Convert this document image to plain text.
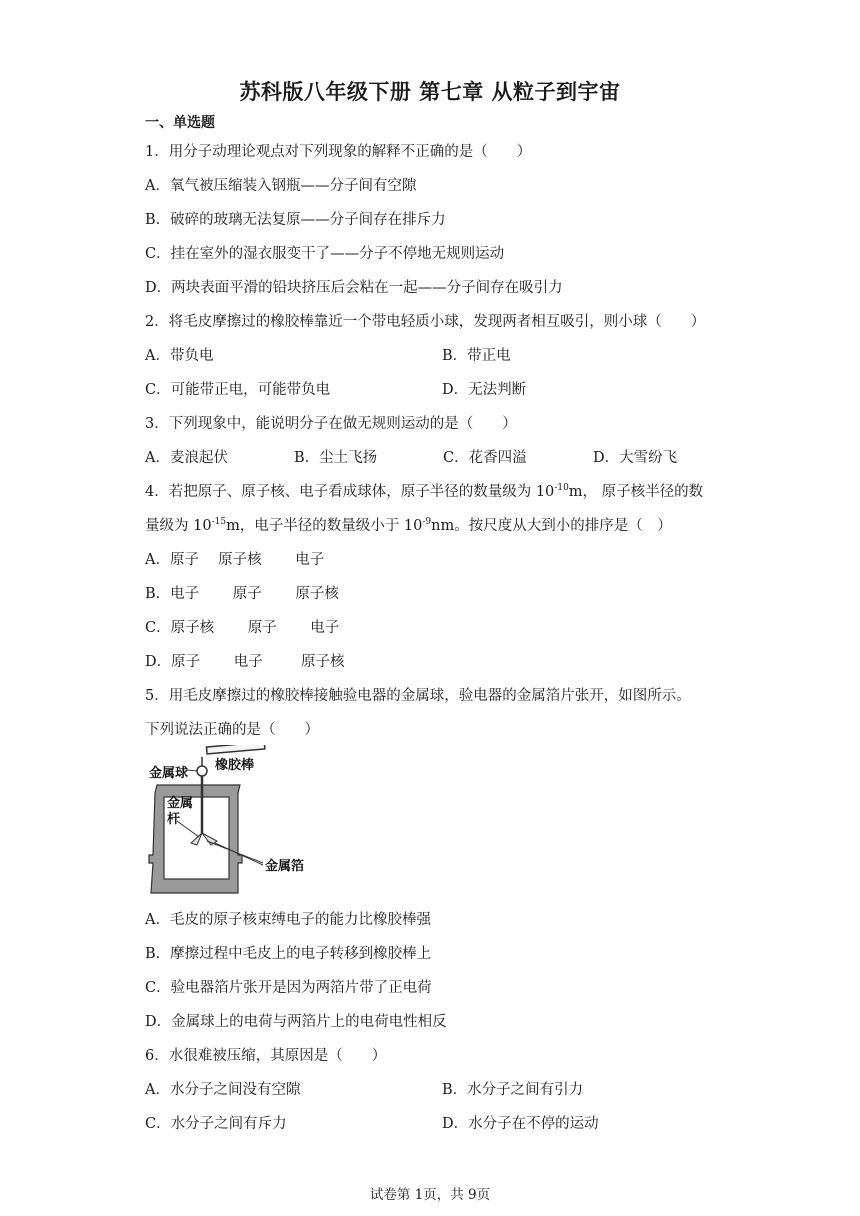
苏科版八年级下册 第七章 从粒子到宇宙
一、单选题
1．用分子动理论观点对下列现象的解释不正确的是（　　）
A．氧气被压缩装入钢瓶——分子间有空隙
B．破碎的玻璃无法复原——分子间存在排斥力
C．挂在室外的湿衣服变干了——分子不停地无规则运动
D．两块表面平滑的铅块挤压后会粘在一起——分子间存在吸引力
2．将毛皮摩擦过的橡胶棒靠近一个带电轻质小球，发现两者相互吸引，则小球（　　）
A．带负电	B．带正电
C．可能带正电，可能带负电	D．无法判断
3．下列现象中，能说明分子在做无规则运动的是（　　）
A．麦浪起伏	B．尘土飞扬	C．花香四溢	D．大雪纷飞
4．若把原子、原子核、电子看成球体，原子半径的数量级为 $10^{-10}m$， 原子核半径的数
量级为 $10^{-15}m$，电子半径的数量级小于 $10^{-9}nm$。按尺度从大到小的排序是（　）
A．原子　 原子核　 　电子
B．电子　 　原子　 　原子核
C．原子核　 　原子　 　电子
D．原子　 　电子　 　 原子核
5．用毛皮摩擦过的橡胶棒接触验电器的金属球，验电器的金属箔片张开，如图所示。
下列说法正确的是（　　）
金属球
橡胶棒
金属
杆
金属箔
A．毛皮的原子核束缚电子的能力比橡胶棒强
B．摩擦过程中毛皮上的电子转移到橡胶棒上
C．验电器箔片张开是因为两箔片带了正电荷
D．金属球上的电荷与两箔片上的电荷电性相反
6．水很难被压缩，其原因是（　　）
A．水分子之间没有空隙	B．水分子之间有引力
C．水分子之间有斥力	D．水分子在不停的运动
试卷第 1页，共 9页
